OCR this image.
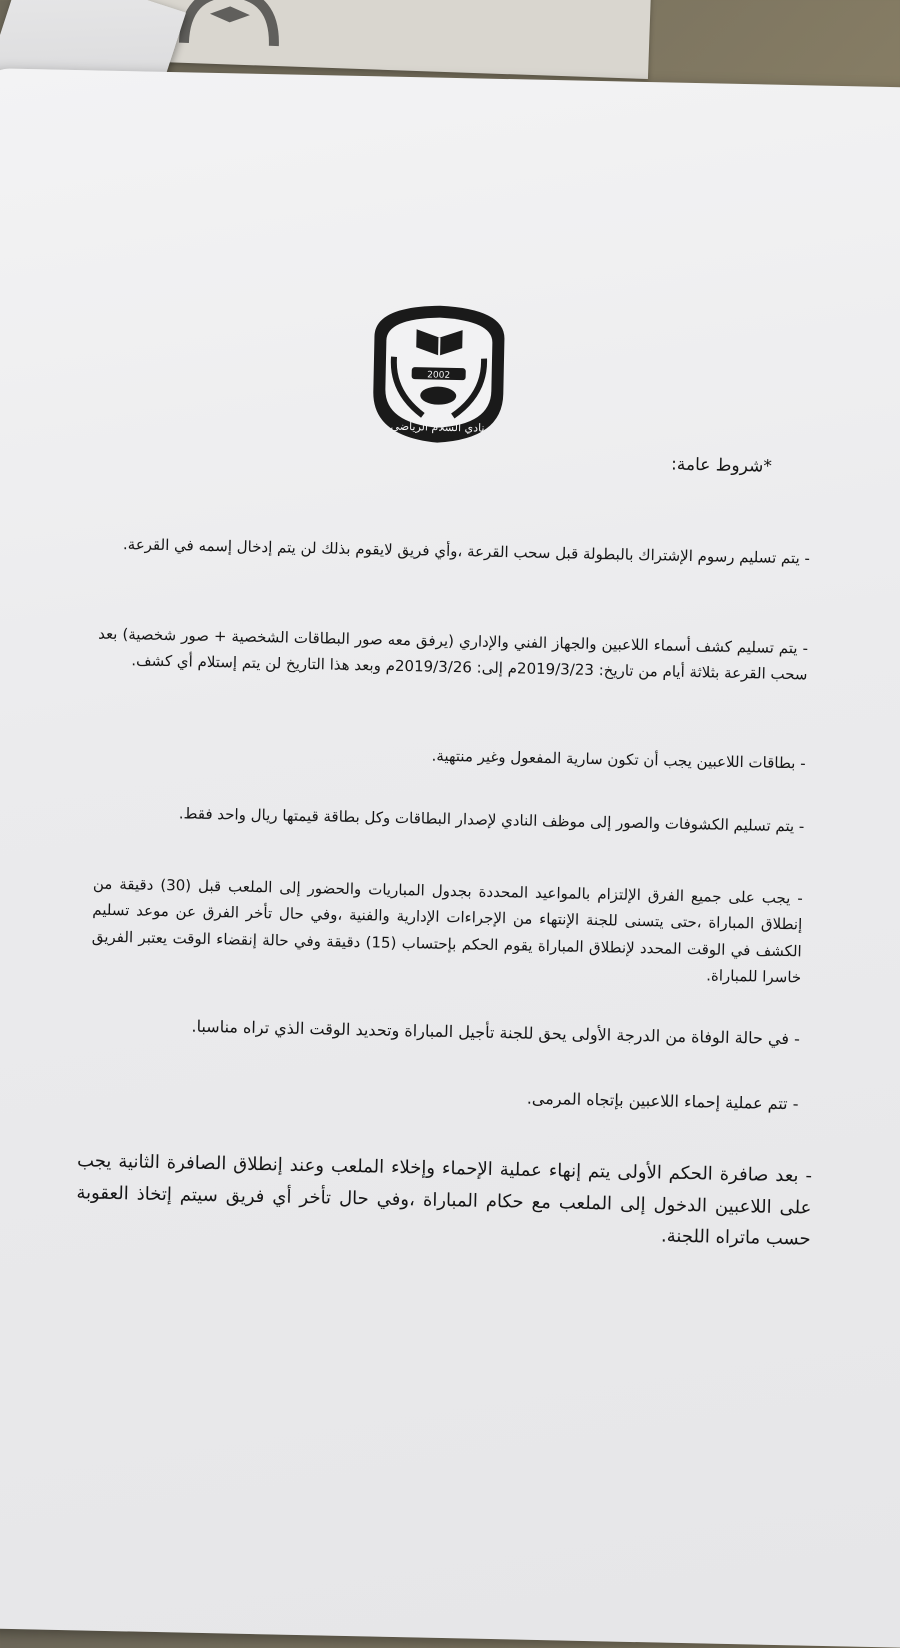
2002
نادي السلام الرياضي
*شروط عامة:
- يتم تسليم رسوم الإشتراك بالبطولة قبل سحب القرعة ،وأي فريق لايقوم بذلك لن يتم إدخال إسمه في القرعة.
- يتم تسليم كشف أسماء اللاعبين والجهاز الفني والإداري (يرفق معه صور البطاقات الشخصية + صور شخصية) بعد سحب القرعة بثلاثة أيام من تاريخ: 2019/3/23م إلى: 2019/3/26م وبعد هذا التاريخ لن يتم إستلام أي كشف.
- بطاقات اللاعبين يجب أن تكون سارية المفعول وغير منتهية.
- يتم تسليم الكشوفات والصور إلى موظف النادي لإصدار البطاقات وكل بطاقة قيمتها ريال واحد فقط.
- يجب على جميع الفرق الإلتزام بالمواعيد المحددة بجدول المباريات والحضور إلى الملعب قبل (30) دقيقة من إنطلاق المباراة ،حتى يتسنى للجنة الإنتهاء من الإجراءات الإدارية والفنية ،وفي حال تأخر الفرق عن موعد تسليم الكشف في الوقت المحدد لإنطلاق المباراة يقوم الحكم بإحتساب (15) دقيقة وفي حالة إنقضاء الوقت يعتبر الفريق خاسرا للمباراة.
- في حالة الوفاة من الدرجة الأولى يحق للجنة تأجيل المباراة وتحديد الوقت الذي تراه مناسبا.
- تتم عملية إحماء اللاعبين بإتجاه المرمى.
- بعد صافرة الحكم الأولى يتم إنهاء عملية الإحماء وإخلاء الملعب وعند إنطلاق الصافرة الثانية يجب على اللاعبين الدخول إلى الملعب مع حكام المباراة ،وفي حال تأخر أي فريق سيتم إتخاذ العقوبة حسب ماتراه اللجنة.
